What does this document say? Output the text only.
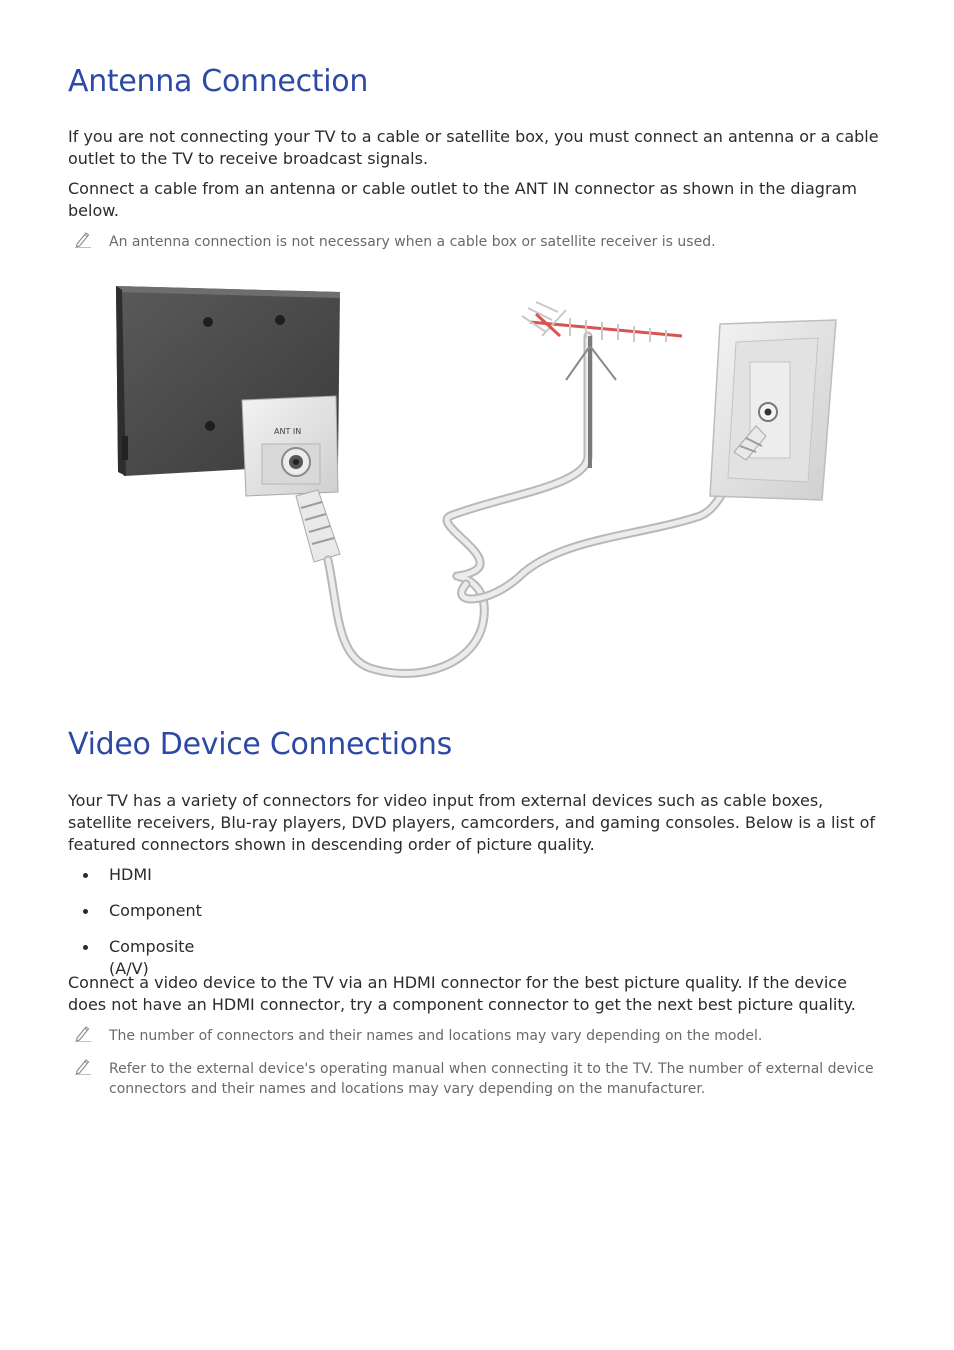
Antenna Connection

If you are not connecting your TV to a cable or satellite box, you must connect an antenna or a cable outlet to the TV to receive broadcast signals.

Connect a cable from an antenna or cable outlet to the ANT IN connector as shown in the diagram below.

An antenna connection is not necessary when a cable box or satellite receiver is used.
ANT IN
Video Device Connections

Your TV has a variety of connectors for video input from external devices such as cable boxes, satellite receivers, Blu-ray players, DVD players, camcorders, and gaming consoles. Below is a list of featured connectors shown in descending order of picture quality.

HDMI
Component
Composite (A/V)

Connect a video device to the TV via an HDMI connector for the best picture quality. If the device does not have an HDMI connector, try a component connector to get the next best picture quality.

The number of connectors and their names and locations may vary depending on the model.
Refer to the external device's operating manual when connecting it to the TV. The number of external device connectors and their names and locations may vary depending on the manufacturer.
